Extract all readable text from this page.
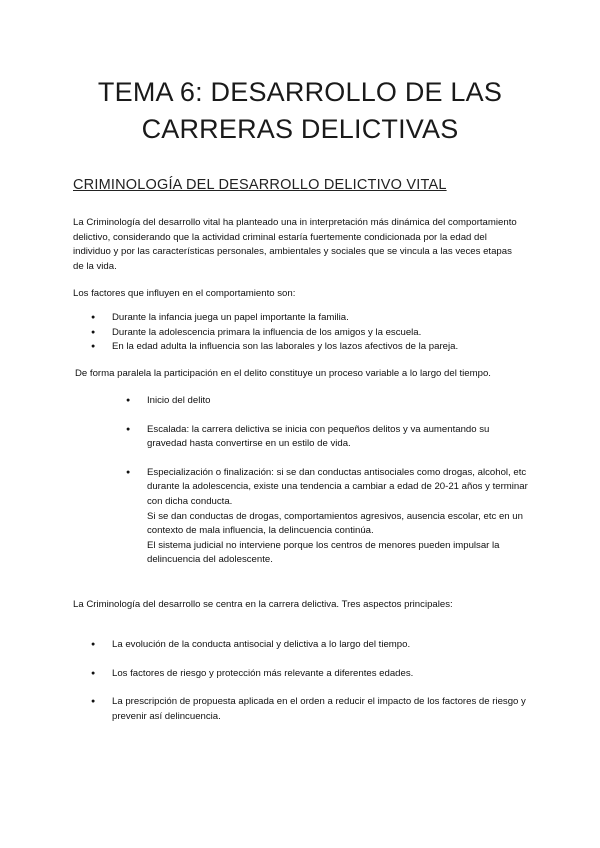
TEMA 6: DESARROLLO DE LAS
CARRERAS DELICTIVAS
CRIMINOLOGÍA DEL DESARROLLO DELICTIVO VITAL

La Criminología del desarrollo vital ha planteado una in interpretación más dinámica del comportamiento delictivo, considerando que la actividad criminal estaría fuertemente condicionada por la edad del individuo y por las características personales, ambientales y sociales que se vincula a las veces etapas de la vida.

Los factores que influyen en el comportamiento son:

● Durante la infancia juega un papel importante la familia.
● Durante la adolescencia primara la influencia de los amigos y la escuela.
● En la edad adulta la influencia son las laborales y los lazos afectivos de la pareja.

De forma paralela la participación en el delito constituye un proceso variable a lo largo del tiempo.

● Inicio del delito
● Escalada: la carrera delictiva se inicia con pequeños delitos y va aumentando su gravedad hasta convertirse en un estilo de vida.
● Especialización o finalización: si se dan conductas antisociales como drogas, alcohol, etc durante la adolescencia, existe una tendencia a cambiar a edad de 20-21 años y terminar con dicha conducta.
Si se dan conductas de drogas, comportamientos agresivos, ausencia escolar, etc en un contexto de mala influencia, la delincuencia continúa.
El sistema judicial no interviene porque los centros de menores pueden impulsar la delincuencia del adolescente.

La Criminología del desarrollo se centra en la carrera delictiva. Tres aspectos principales:

● La evolución de la conducta antisocial y delictiva a lo largo del tiempo.
● Los factores de riesgo y protección más relevante a diferentes edades.
● La prescripción de propuesta aplicada en el orden a reducir el impacto de los factores de riesgo y prevenir así delincuencia.
